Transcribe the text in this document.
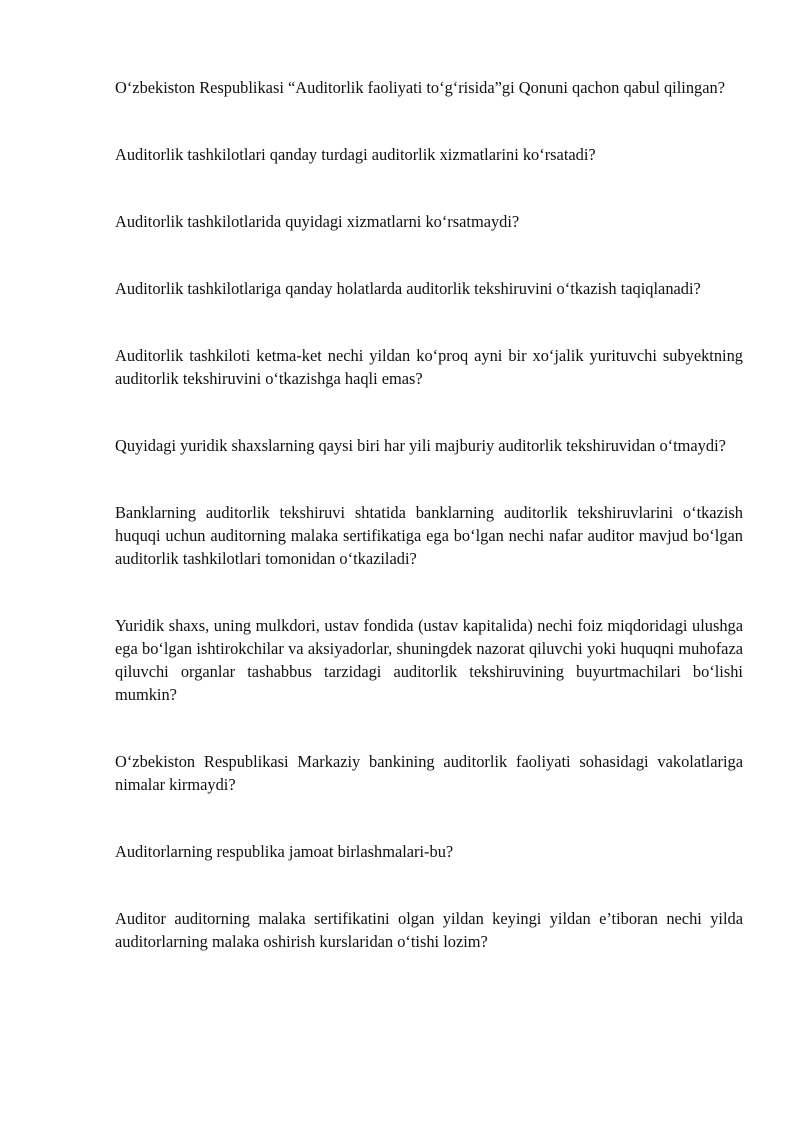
O‘zbekiston Respublikasi “Auditorlik faoliyati to‘g‘risida”gi Qonuni qachon qabul qilingan?
Auditorlik tashkilotlari qanday turdagi auditorlik xizmatlarini ko‘rsatadi?
Auditorlik tashkilotlarida quyidagi xizmatlarni ko‘rsatmaydi?
Auditorlik tashkilotlariga qanday holatlarda auditorlik tekshiruvini o‘tkazish taqiqlanadi?
Auditorlik tashkiloti ketma-ket nechi yildan ko‘proq ayni bir xo‘jalik yurituvchi subyektning auditorlik tekshiruvini o‘tkazishga haqli emas?
Quyidagi yuridik shaxslarning qaysi biri har yili majburiy auditorlik tekshiruvidan o‘tmaydi?
Banklarning auditorlik tekshiruvi shtatida banklarning auditorlik tekshiruvlarini o‘tkazish huquqi uchun auditorning malaka sertifikatiga ega bo‘lgan nechi nafar auditor mavjud bo‘lgan auditorlik tashkilotlari tomonidan o‘tkaziladi?
Yuridik shaxs, uning mulkdori, ustav fondida (ustav kapitalida) nechi foiz miqdoridagi ulushga ega bo‘lgan ishtirokchilar va aksiyadorlar, shuningdek nazorat qiluvchi yoki huquqni muhofaza qiluvchi organlar tashabbus tarzidagi auditorlik tekshiruvining buyurtmachilari bo‘lishi mumkin?
O‘zbekiston Respublikasi Markaziy bankining auditorlik faoliyati sohasidagi vakolatlariga nimalar kirmaydi?
Auditorlarning respublika jamoat birlashmalari-bu?
Auditor auditorning malaka sertifikatini olgan yildan keyingi yildan e’tiboran nechi yilda auditorlarning malaka oshirish kurslaridan o‘tishi lozim?
